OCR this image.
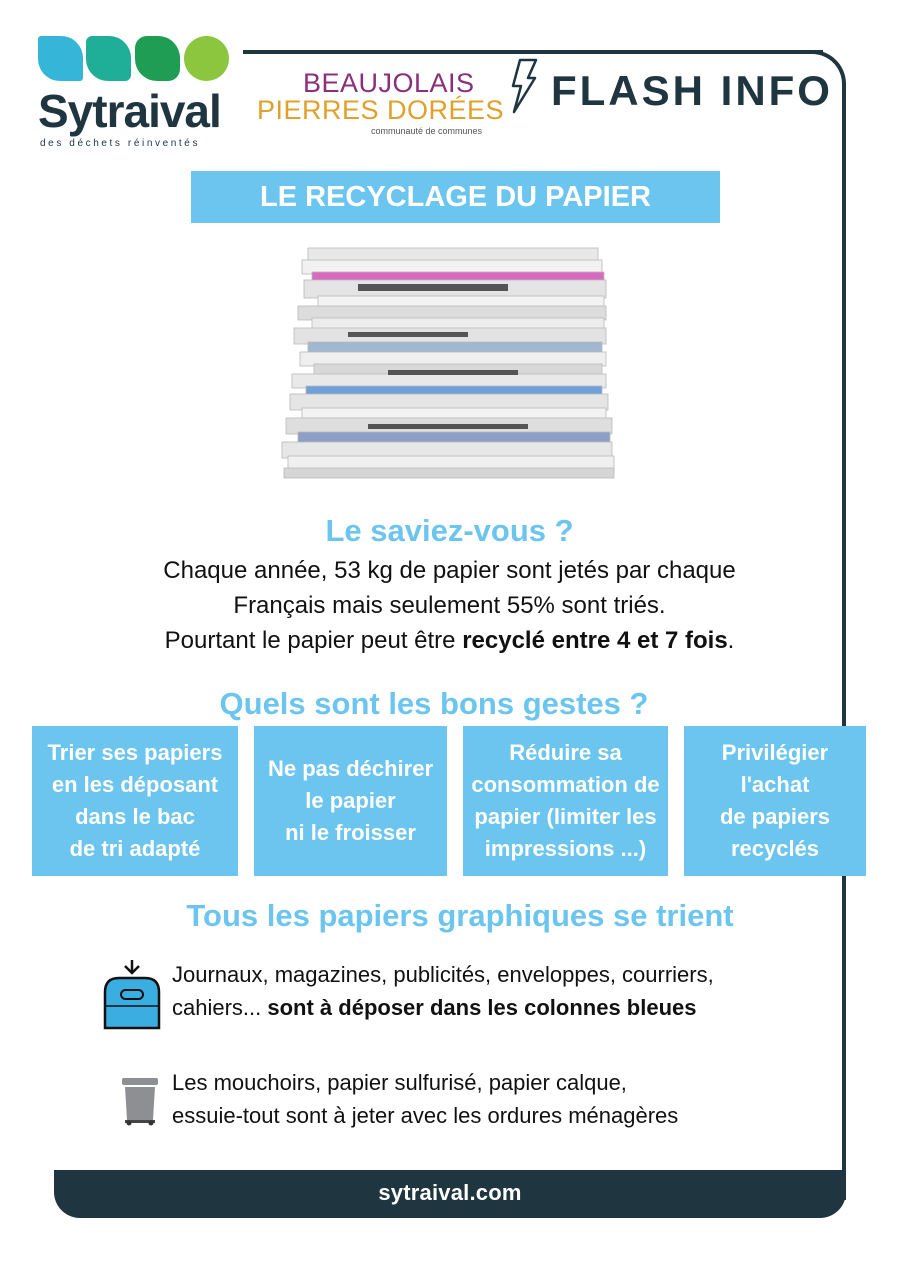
Sytraival
des déchets réinventés
BEAUJOLAIS
PIERRES DORÉES
communauté de communes
FLASH INFO
LE RECYCLAGE DU PAPIER
Le saviez-vous ?
Chaque année, 53 kg de papier sont jetés par chaque
Français mais seulement 55% sont triés.
Pourtant le papier peut être recyclé entre 4 et 7 fois.
Quels sont les bons gestes ?
Trier ses papiers
en les déposant
dans le bac
de tri adapté
Ne pas déchirer
le papier
ni le froisser
Réduire sa
consommation de
papier (limiter les
impressions ...)
Privilégier
l'achat
de papiers
recyclés
Tous les papiers graphiques se trient
Journaux, magazines, publicités, enveloppes, courriers,
cahiers... sont à déposer dans les colonnes bleues
Les mouchoirs, papier sulfurisé, papier calque,
essuie-tout sont à jeter avec les ordures ménagères
sytraival.com
